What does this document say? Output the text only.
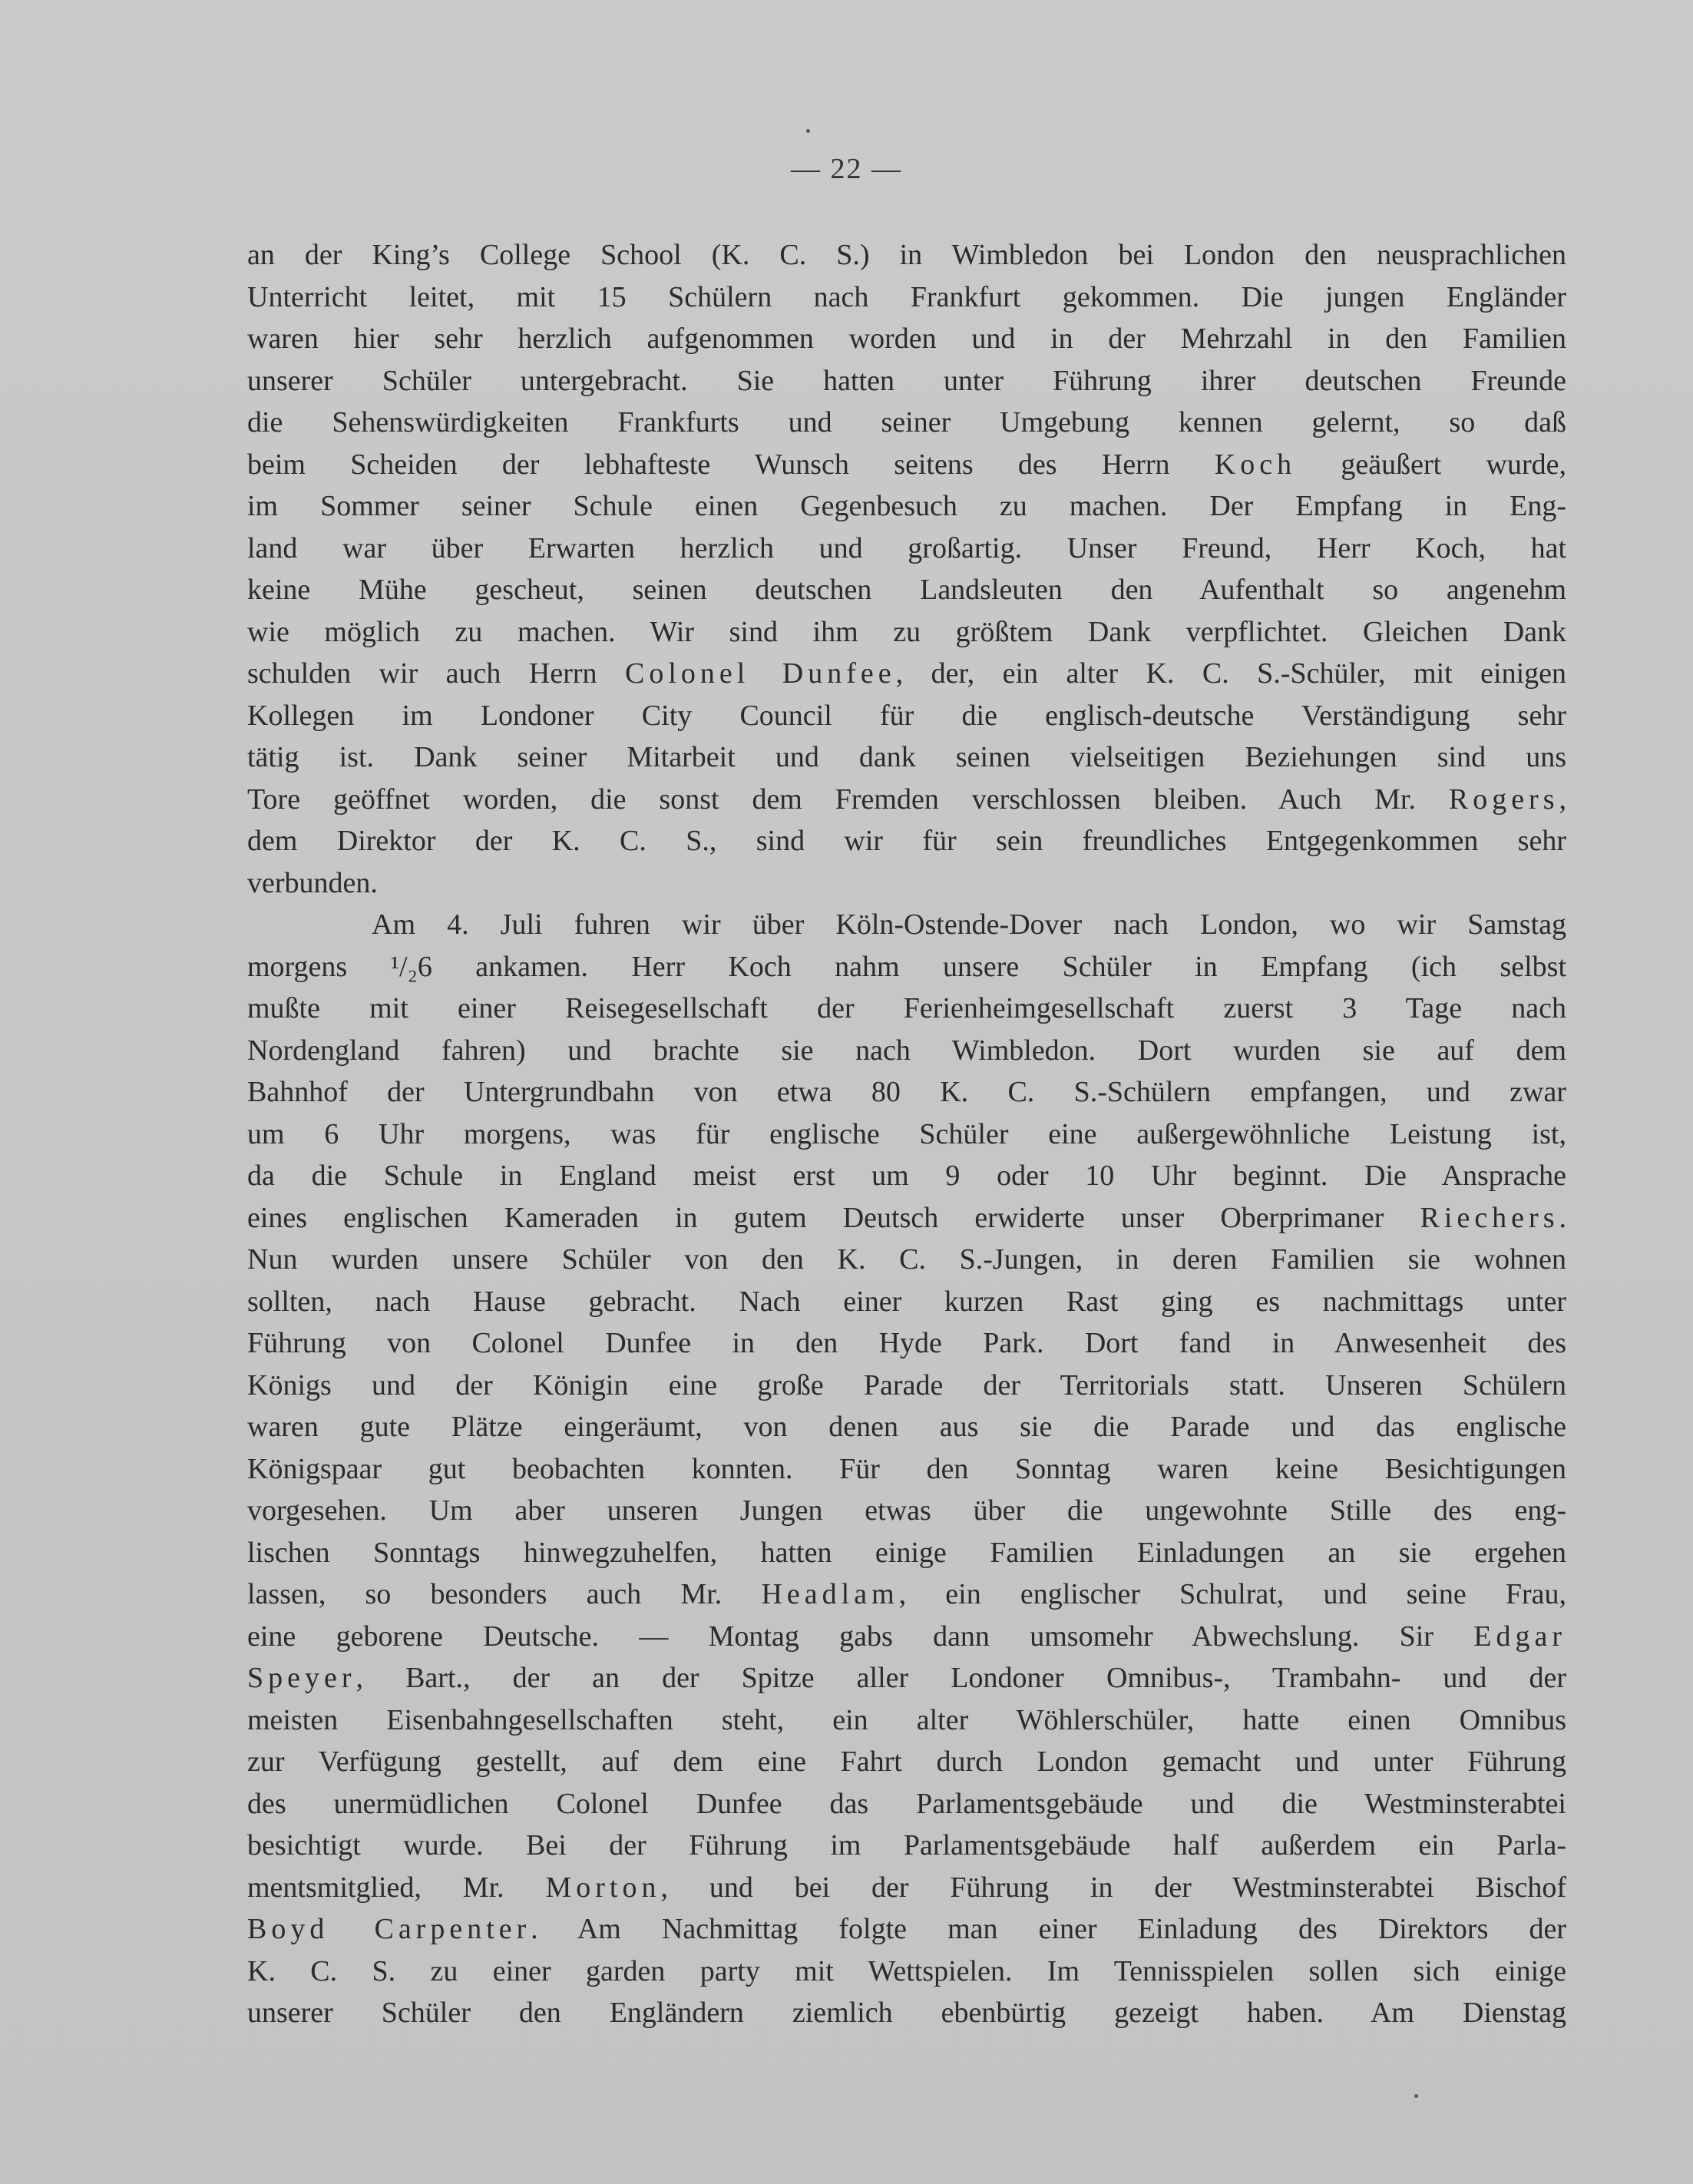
— 22 —
an der King’s College School (K. C. S.) in Wimbledon bei London den neusprachlichen
Unterricht leitet, mit 15 Schülern nach Frankfurt gekommen. Die jungen Engländer
waren hier sehr herzlich aufgenommen worden und in der Mehrzahl in den Familien
unserer Schüler untergebracht. Sie hatten unter Führung ihrer deutschen Freunde
die Sehenswürdigkeiten Frankfurts und seiner Umgebung kennen gelernt, so daß
beim Scheiden der lebhafteste Wunsch seitens des Herrn Koch geäußert wurde,
im Sommer seiner Schule einen Gegenbesuch zu machen. Der Empfang in Eng-
land war über Erwarten herzlich und großartig. Unser Freund, Herr Koch, hat
keine Mühe gescheut, seinen deutschen Landsleuten den Aufenthalt so angenehm
wie möglich zu machen. Wir sind ihm zu größtem Dank verpflichtet. Gleichen Dank
schulden wir auch Herrn Colonel Dunfee, der, ein alter K. C. S.-Schüler, mit einigen
Kollegen im Londoner City Council für die englisch-deutsche Verständigung sehr
tätig ist. Dank seiner Mitarbeit und dank seinen vielseitigen Beziehungen sind uns
Tore geöffnet worden, die sonst dem Fremden verschlossen bleiben. Auch Mr. Rogers,
dem Direktor der K. C. S., sind wir für sein freundliches Entgegenkommen sehr
verbunden.
Am 4. Juli fuhren wir über Köln-Ostende-Dover nach London, wo wir Samstag
morgens ¹/₂6 ankamen. Herr Koch nahm unsere Schüler in Empfang (ich selbst
mußte mit einer Reisegesellschaft der Ferienheimgesellschaft zuerst 3 Tage nach
Nordengland fahren) und brachte sie nach Wimbledon. Dort wurden sie auf dem
Bahnhof der Untergrundbahn von etwa 80 K. C. S.-Schülern empfangen, und zwar
um 6 Uhr morgens, was für englische Schüler eine außergewöhnliche Leistung ist,
da die Schule in England meist erst um 9 oder 10 Uhr beginnt. Die Ansprache
eines englischen Kameraden in gutem Deutsch erwiderte unser Oberprimaner Riechers.
Nun wurden unsere Schüler von den K. C. S.-Jungen, in deren Familien sie wohnen
sollten, nach Hause gebracht. Nach einer kurzen Rast ging es nachmittags unter
Führung von Colonel Dunfee in den Hyde Park. Dort fand in Anwesenheit des
Königs und der Königin eine große Parade der Territorials statt. Unseren Schülern
waren gute Plätze eingeräumt, von denen aus sie die Parade und das englische
Königspaar gut beobachten konnten. Für den Sonntag waren keine Besichtigungen
vorgesehen. Um aber unseren Jungen etwas über die ungewohnte Stille des eng-
lischen Sonntags hinwegzuhelfen, hatten einige Familien Einladungen an sie ergehen
lassen, so besonders auch Mr. Headlam, ein englischer Schulrat, und seine Frau,
eine geborene Deutsche. — Montag gabs dann umsomehr Abwechslung. Sir Edgar
Speyer, Bart., der an der Spitze aller Londoner Omnibus-, Trambahn- und der
meisten Eisenbahngesellschaften steht, ein alter Wöhlerschüler, hatte einen Omnibus
zur Verfügung gestellt, auf dem eine Fahrt durch London gemacht und unter Führung
des unermüdlichen Colonel Dunfee das Parlamentsgebäude und die Westminsterabtei
besichtigt wurde. Bei der Führung im Parlamentsgebäude half außerdem ein Parla-
mentsmitglied, Mr. Morton, und bei der Führung in der Westminsterabtei Bischof
Boyd Carpenter. Am Nachmittag folgte man einer Einladung des Direktors der
K. C. S. zu einer garden party mit Wettspielen. Im Tennisspielen sollen sich einige
unserer Schüler den Engländern ziemlich ebenbürtig gezeigt haben. Am Dienstag
